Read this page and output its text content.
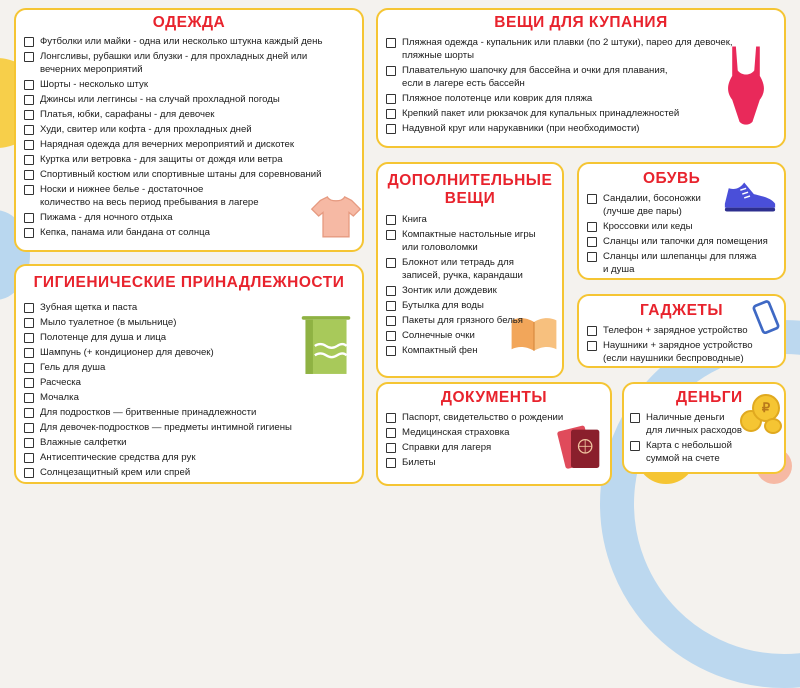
ОДЕЖДА
Футболки или майки - одна или несколько штукна каждый день
Лонгсливы, рубашки или блузки - для прохладных дней или
вечерних мероприятий
Шорты - несколько штук
Джинсы или леггинсы - на случай прохладной погоды
Платья, юбки, сарафаны - для девочек
Худи, свитер или кофта - для прохладных дней
Нарядная одежда для вечерних мероприятий и дискотек
Куртка или ветровка - для защиты от дождя или ветра
Спортивный костюм или спортивные штаны для соревнований
Носки и нижнее белье - достаточное
количество на весь период пребывания в лагере
Пижама - для ночного отдыха
Кепка, панама или бандана от солнца
ГИГИЕНИЧЕСКИЕ ПРИНАДЛЕЖНОСТИ
Зубная щетка и паста
Мыло туалетное (в мыльнице)
Полотенце для душа и лица
Шампунь (+ кондиционер для девочек)
Гель для душа
Расческа
Мочалка
Для подростков — бритвенные принадлежности
Для девочек-подростков — предметы интимной гигиены
Влажные салфетки
Антисептические средства для рук
Солнцезащитный крем или спрей
ВЕЩИ ДЛЯ КУПАНИЯ
Пляжная одежда - купальник или плавки (по 2 штуки), парео для девочек,
пляжные шорты
Плавательную шапочку для бассейна и очки для плавания,
если в лагере есть бассейн
Пляжное полотенце или коврик для пляжа
Крепкий пакет или рюкзачок для купальных принадлежностей
Надувной круг или нарукавники (при необходимости)
ДОПОЛНИТЕЛЬНЫЕ
ВЕЩИ
Книга
Компактные настольные игры
или головоломки
Блокнот или тетрадь для
записей, ручка, карандаши
Зонтик или дождевик
Бутылка для воды
Пакеты для грязного белья
Солнечные очки
Компактный фен
ОБУВЬ
Сандалии, босоножки
(лучше две пары)
Кроссовки или кеды
Сланцы или тапочки для помещения
Сланцы или шлепанцы для пляжа
и душа
ГАДЖЕТЫ
Телефон + зарядное устройство
Наушники + зарядное устройство
(если наушники беспроводные)
ДОКУМЕНТЫ
Паспорт, свидетельство о рождении
Медицинская страховка
Справки для лагеря
Билеты
ДЕНЬГИ
Наличные деньги
для личных расходов
Карта с небольшой
суммой на счете
₽
